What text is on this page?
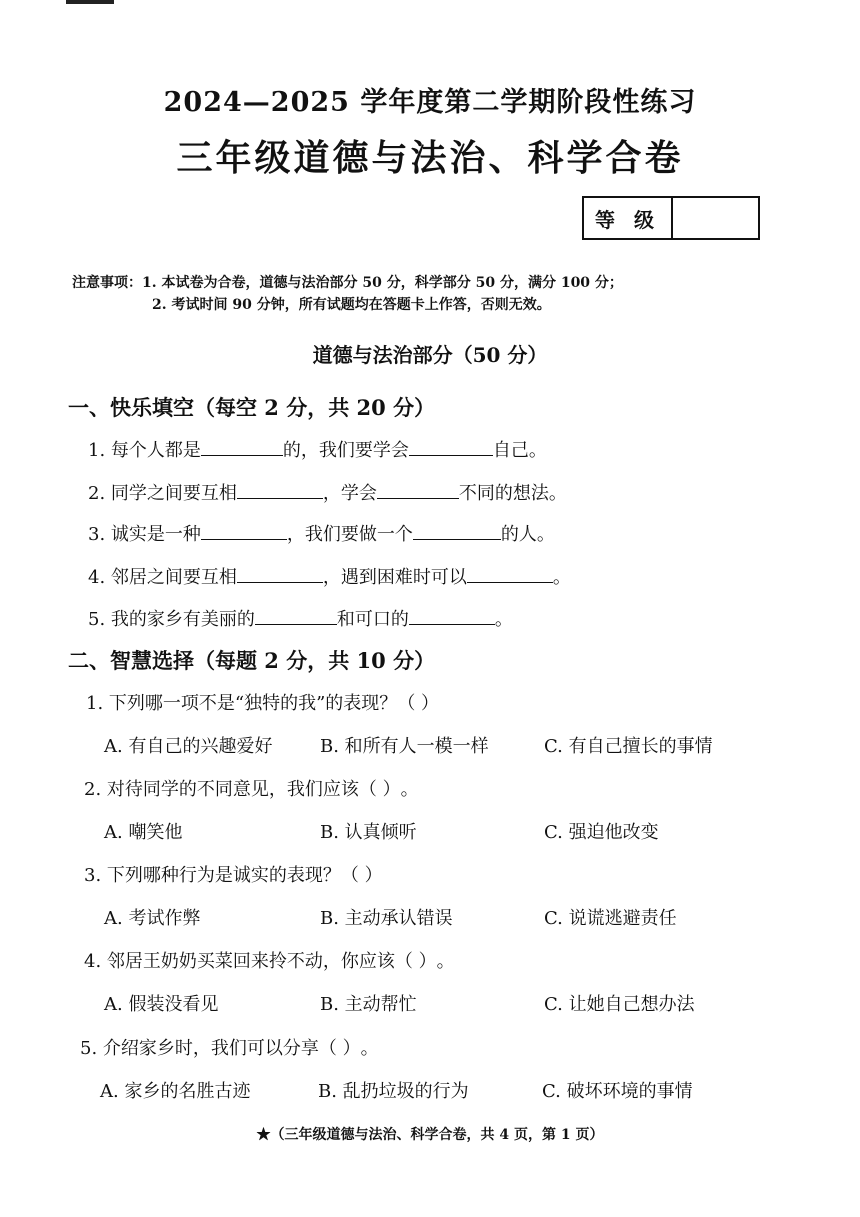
2024—2025 学年度第二学期阶段性练习
三年级道德与法治、科学合卷
等 级
注意事项：1. 本试卷为合卷，道德与法治部分 50 分，科学部分 50 分，满分 100 分；
2. 考试时间 90 分钟，所有试题均在答题卡上作答，否则无效。
道德与法治部分（50 分）
一、快乐填空（每空 2 分，共 20 分）
1. 每个人都是	的，我们要学会	自己。
2. 同学之间要互相	，学会	不同的想法。
3. 诚实是一种	，我们要做一个	的人。
4. 邻居之间要互相	，遇到困难时可以	。
5. 我的家乡有美丽的	和可口的	。
二、智慧选择（每题 2 分，共 10 分）
1. 下列哪一项不是“独特的我”的表现？（ ）
A. 有自己的兴趣爱好	B. 和所有人一模一样	C. 有自己擅长的事情
2. 对待同学的不同意见，我们应该（ ）。
A. 嘲笑他	B. 认真倾听	C. 强迫他改变
3. 下列哪种行为是诚实的表现？（ ）
A. 考试作弊	B. 主动承认错误	C. 说谎逃避责任
4. 邻居王奶奶买菜回来拎不动，你应该（ ）。
A. 假装没看见	B. 主动帮忙	C. 让她自己想办法
5. 介绍家乡时，我们可以分享（ ）。
A. 家乡的名胜古迹	B. 乱扔垃圾的行为	C. 破坏环境的事情
★（三年级道德与法治、科学合卷，共 4 页，第 1 页）
